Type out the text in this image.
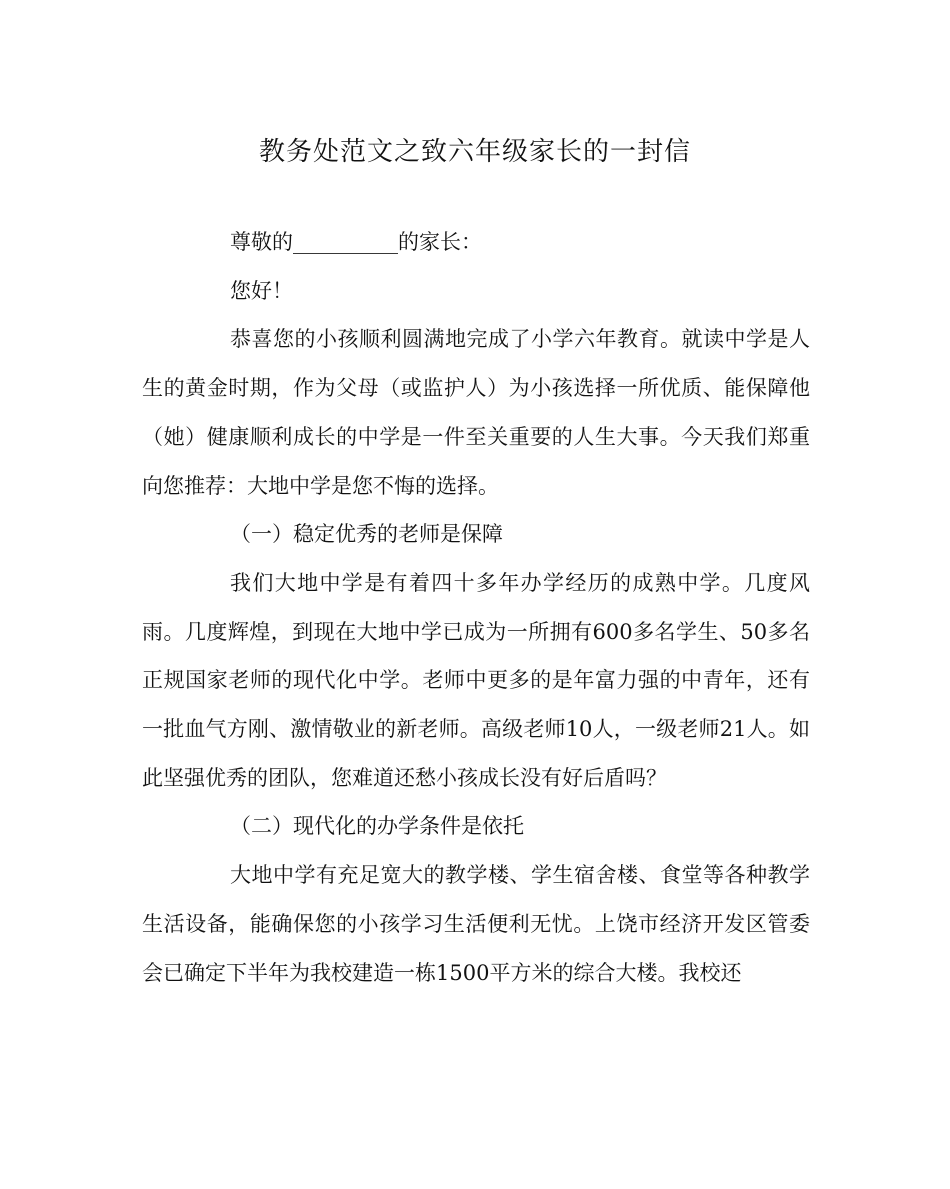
教务处范文之致六年级家长的一封信

尊敬的__________的家长：

您好！

恭喜您的小孩顺利圆满地完成了小学六年教育。就读中学是人生的黄金时期，作为父母（或监护人）为小孩选择一所优质、能保障他（她）健康顺利成长的中学是一件至关重要的人生大事。今天我们郑重向您推荐：大地中学是您不悔的选择。

（一）稳定优秀的老师是保障

我们大地中学是有着四十多年办学经历的成熟中学。几度风雨。几度辉煌，到现在大地中学已成为一所拥有600多名学生、50多名正规国家老师的现代化中学。老师中更多的是年富力强的中青年，还有一批血气方刚、激情敬业的新老师。高级老师10人，一级老师21人。如此坚强优秀的团队，您难道还愁小孩成长没有好后盾吗？

（二）现代化的办学条件是依托

大地中学有充足宽大的教学楼、学生宿舍楼、食堂等各种教学生活设备，能确保您的小孩学习生活便利无忧。上饶市经济开发区管委会已确定下半年为我校建造一栋1500平方米的综合大楼。我校还
